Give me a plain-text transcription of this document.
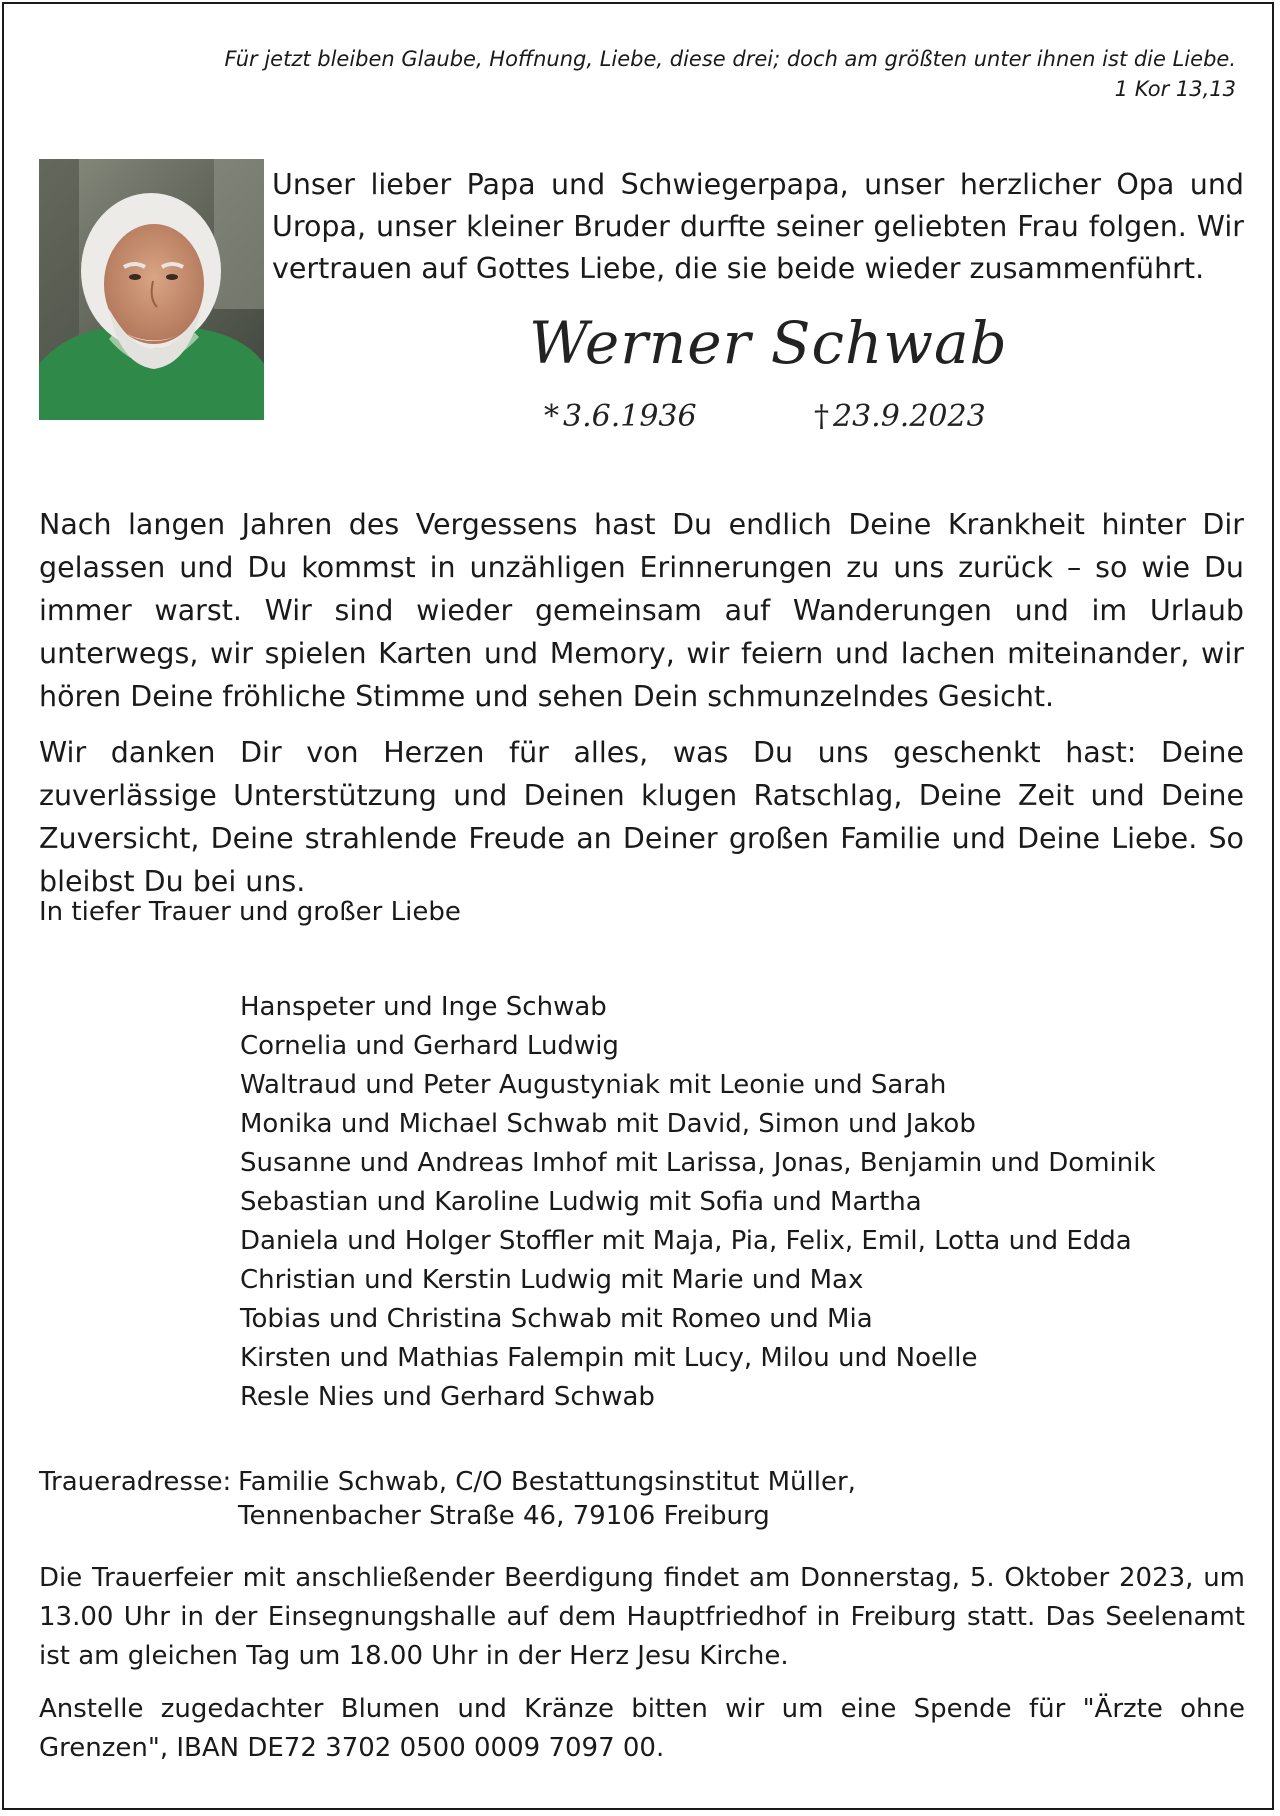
Für jetzt bleiben Glaube, Hoffnung, Liebe, diese drei; doch am größten unter ihnen ist die Liebe.
1 Kor 13,13
Unser lieber Papa und Schwiegerpapa, unser herzlicher Opa und Uropa, unser kleiner Bruder durfte seiner geliebten Frau folgen. Wir vertrauen auf Gottes Liebe, die sie beide wieder zusammenführt.
Werner Schwab
* 3.6.1936	† 23.9.2023
Nach langen Jahren des Vergessens hast Du endlich Deine Krankheit hinter Dir gelassen und Du kommst in unzähligen Erinnerungen zu uns zurück – so wie Du immer warst. Wir sind wieder gemeinsam auf Wanderungen und im Urlaub unterwegs, wir spielen Karten und Memory, wir feiern und lachen miteinander, wir hören Deine fröhliche Stimme und sehen Dein schmunzelndes Gesicht.
Wir danken Dir von Herzen für alles, was Du uns geschenkt hast: Deine zuverlässige Unterstützung und Deinen klugen Ratschlag, Deine Zeit und Deine Zuversicht, Deine strahlende Freude an Deiner großen Familie und Deine Liebe. So bleibst Du bei uns.
In tiefer Trauer und großer Liebe
Hanspeter und Inge Schwab
Cornelia und Gerhard Ludwig
Waltraud und Peter Augustyniak mit Leonie und Sarah
Monika und Michael Schwab mit David, Simon und Jakob
Susanne und Andreas Imhof mit Larissa, Jonas, Benjamin und Dominik
Sebastian und Karoline Ludwig mit Sofia und Martha
Daniela und Holger Stoffler mit Maja, Pia, Felix, Emil, Lotta und Edda
Christian und Kerstin Ludwig mit Marie und Max
Tobias und Christina Schwab mit Romeo und Mia
Kirsten und Mathias Falempin mit Lucy, Milou und Noelle
Resle Nies und Gerhard Schwab
Traueradresse: Familie Schwab, C/O Bestattungsinstitut Müller,
Tennenbacher Straße 46, 79106 Freiburg
Die Trauerfeier mit anschließender Beerdigung findet am Donnerstag, 5. Oktober 2023, um 13.00 Uhr in der Einsegnungshalle auf dem Hauptfriedhof in Freiburg statt. Das Seelenamt ist am gleichen Tag um 18.00 Uhr in der Herz Jesu Kirche.
Anstelle zugedachter Blumen und Kränze bitten wir um eine Spende für "Ärzte ohne Grenzen", IBAN DE72 3702 0500 0009 7097 00.
